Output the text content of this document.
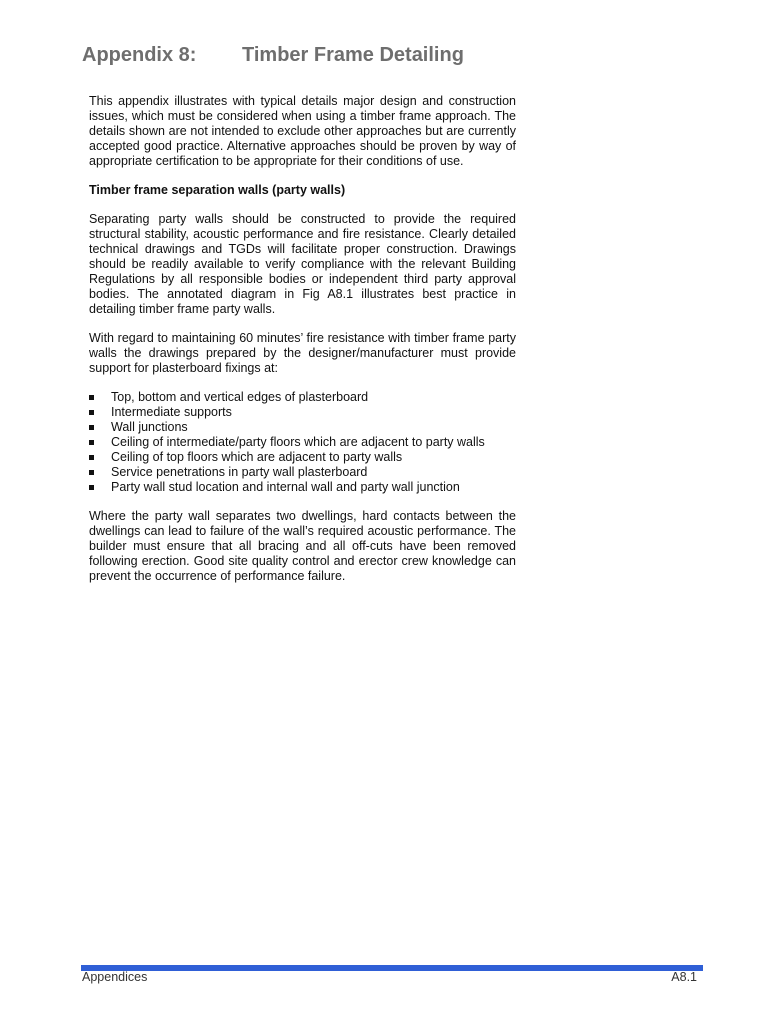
Appendix 8: Timber Frame Detailing

This appendix illustrates with typical details major design and construction issues, which must be considered when using a timber frame approach. The details shown are not intended to exclude other approaches but are currently accepted good practice. Alternative approaches should be proven by way of appropriate certification to be appropriate for their conditions of use.

Timber frame separation walls (party walls)

Separating party walls should be constructed to provide the required structural stability, acoustic performance and fire resistance. Clearly detailed technical drawings and TGDs will facilitate proper construction. Drawings should be readily available to verify compliance with the relevant Building Regulations by all responsible bodies or independent third party approval bodies. The annotated diagram in Fig A8.1 illustrates best practice in detailing timber frame party walls.

With regard to maintaining 60 minutes’ fire resistance with timber frame party walls the drawings prepared by the designer/manufacturer must provide support for plasterboard fixings at:

Top, bottom and vertical edges of plasterboard
Intermediate supports
Wall junctions
Ceiling of intermediate/party floors which are adjacent to party walls
Ceiling of top floors which are adjacent to party walls
Service penetrations in party wall plasterboard
Party wall stud location and internal wall and party wall junction

Where the party wall separates two dwellings, hard contacts between the dwellings can lead to failure of the wall’s required acoustic performance. The builder must ensure that all bracing and all off-cuts have been removed following erection. Good site quality control and erector crew knowledge can prevent the occurrence of performance failure.

Appendices	A8.1
